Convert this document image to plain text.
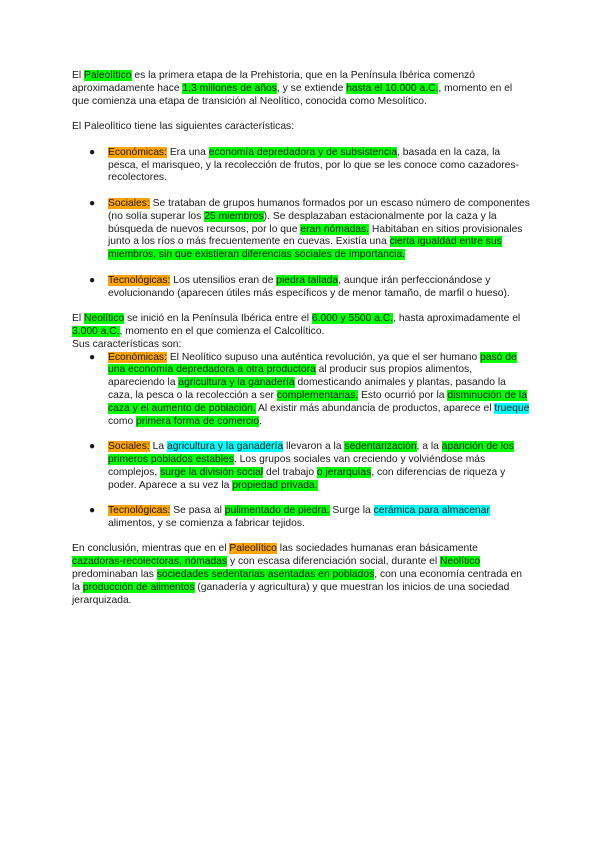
El Paleolítico es la primera etapa de la Prehistoria, que en la Península Ibérica comenzó aproximadamente hace 1,3 millones de años, y se extiende hasta el 10.000 a.C., momento en el que comienza una etapa de transición al Neolítico, conocida como Mesolítico.

El Paleolítico tiene las siguientes características:

● Económicas: Era una economía depredadora y de subsistencia, basada en la caza, la pesca, el marisqueo, y la recolección de frutos, por lo que se les conoce como cazadores-recolectores.
● Sociales: Se trataban de grupos humanos formados por un escaso número de componentes (no solía superar los 25 miembros). Se desplazaban estacionalmente por la caza y la búsqueda de nuevos recursos, por lo que eran nómadas. Habitaban en sitios provisionales junto a los ríos o más frecuentemente en cuevas. Existía una cierta igualdad entre sus miembros, sin que existieran diferencias sociales de importancia.
● Tecnológicas: Los utensilios eran de piedra tallada, aunque irán perfeccionándose y evolucionando (aparecen útiles más específicos y de menor tamaño, de marfil o hueso).

El Neolítico se inició en la Península Ibérica entre el 6.000 y 5500 a.C., hasta aproximadamente el 3.000 a.C., momento en el que comienza el Calcolítico.
Sus características son:

● Económicas: El Neolítico supuso una auténtica revolución, ya que el ser humano pasó de una economía depredadora a otra productora al producir sus propios alimentos, apareciendo la agricultura y la ganadería domesticando animales y plantas, pasando la caza, la pesca o la recolección a ser complementarias. Esto ocurrió por la disminución de la caza y el aumento de población. Al existir más abundancia de productos, aparece el trueque como primera forma de comercio.
● Sociales: La agricultura y la ganadería llevaron a la sedentarización, a la aparición de los primeros poblados estables. Los grupos sociales van creciendo y volviéndose más complejos, surge la división social del trabajo o jerarquías, con diferencias de riqueza y poder. Aparece a su vez la propiedad privada.
● Tecnológicas: Se pasa al pulimentado de piedra. Surge la cerámica para almacenar alimentos, y se comienza a fabricar tejidos.

En conclusión, mientras que en el Paleolítico las sociedades humanas eran básicamente cazadoras-recolectoras, nómadas y con escasa diferenciación social, durante el Neolítico predominaban las sociedades sedentarias asentadas en poblados, con una economía centrada en la producción de alimentos (ganadería y agricultura) y que muestran los inicios de una sociedad jerarquizada.
